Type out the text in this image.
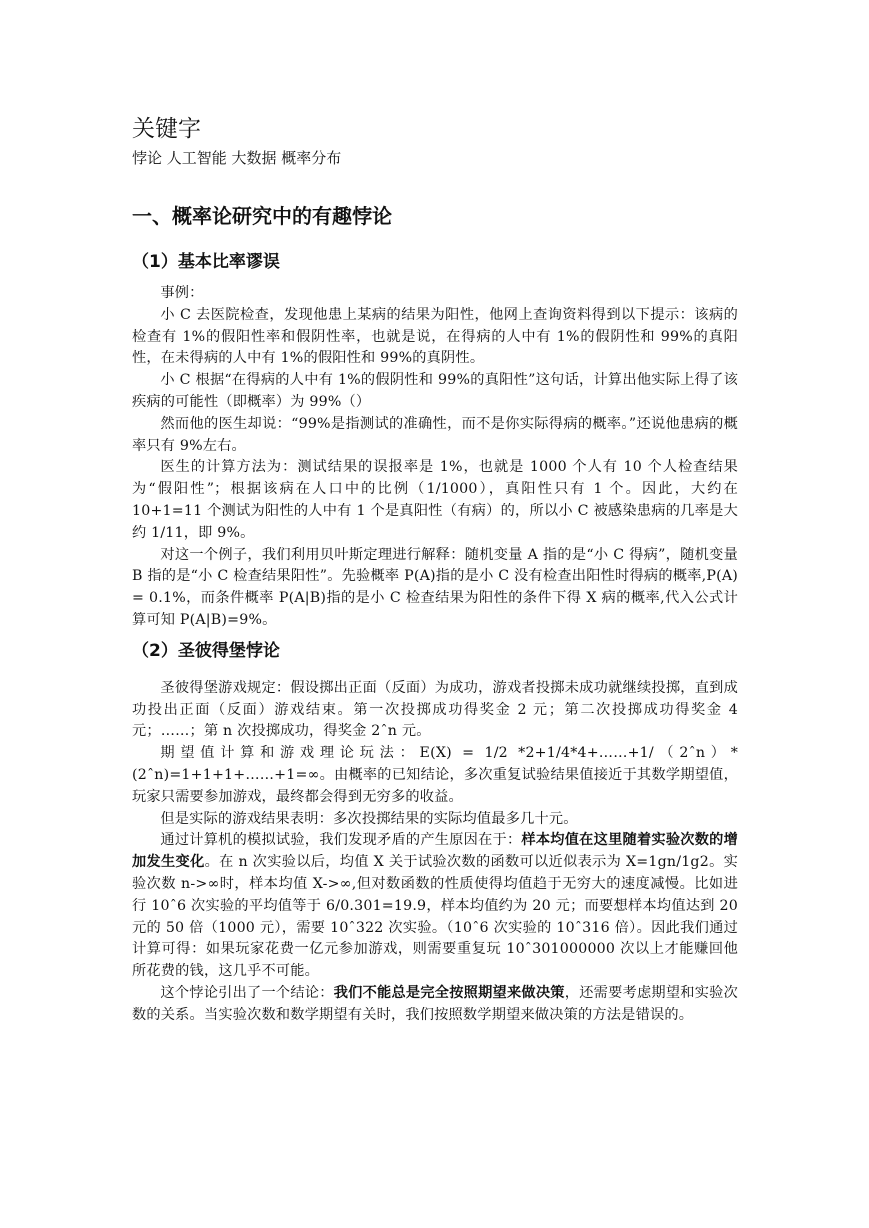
关键字

悖论 人工智能 大数据 概率分布

一、概率论研究中的有趣悖论
（1）基本比率谬误

事例：

小 C 去医院检查，发现他患上某病的结果为阳性，他网上查询资料得到以下提示：该病的检查有 1%的假阳性率和假阴性率，也就是说，在得病的人中有 1%的假阴性和 99%的真阳性，在未得病的人中有 1%的假阳性和 99%的真阴性。

小 C 根据“在得病的人中有 1%的假阴性和 99%的真阳性”这句话，计算出他实际上得了该疾病的可能性（即概率）为 99%（）

然而他的医生却说：“99%是指测试的准确性，而不是你实际得病的概率。”还说他患病的概率只有 9%左右。

医生的计算方法为：测试结果的误报率是 1%，也就是 1000 个人有 10 个人检查结果为“假阳性”；根据该病在人口中的比例（1/1000），真阳性只有 1 个。因此，大约在 10+1=11 个测试为阳性的人中有 1 个是真阳性（有病）的，所以小 C 被感染患病的几率是大约 1/11，即 9%。

对这一个例子，我们利用贝叶斯定理进行解释：随机变量 A 指的是“小 C 得病”，随机变量 B 指的是“小 C 检查结果阳性”。先验概率 P(A)指的是小 C 没有检查出阳性时得病的概率,P(A) = 0.1%，而条件概率 P(A|B)指的是小 C 检查结果为阳性的条件下得 X 病的概率,代入公式计算可知 P(A|B)=9%。

（2）圣彼得堡悖论

圣彼得堡游戏规定：假设掷出正面（反面）为成功，游戏者投掷未成功就继续投掷，直到成功投出正面（反面）游戏结束。第一次投掷成功得奖金 2 元；第二次投掷成功得奖金 4 元；……；第 n 次投掷成功，得奖金 2ˆn 元。

期望值计算和游戏理论玩法：E(X) = 1/2 *2+1/4*4+……+1/（2ˆn）*(2ˆn)=1+1+1+……+1=∞。由概率的已知结论，多次重复试验结果值接近于其数学期望值，玩家只需要参加游戏，最终都会得到无穷多的收益。

但是实际的游戏结果表明：多次投掷结果的实际均值最多几十元。

通过计算机的模拟试验，我们发现矛盾的产生原因在于：样本均值在这里随着实验次数的增加发生变化。在 n 次实验以后，均值 X 关于试验次数的函数可以近似表示为 X=1gn/1g2。实验次数 n->∞时，样本均值 X->∞,但对数函数的性质使得均值趋于无穷大的速度减慢。比如进行 10ˆ6 次实验的平均值等于 6/0.301=19.9，样本均值约为 20 元；而要想样本均值达到 20 元的 50 倍（1000 元），需要 10ˆ322 次实验。（10ˆ6 次实验的 10ˆ316 倍）。因此我们通过计算可得：如果玩家花费一亿元参加游戏，则需要重复玩 10ˆ301000000 次以上才能赚回他所花费的钱，这几乎不可能。

这个悖论引出了一个结论：我们不能总是完全按照期望来做决策，还需要考虑期望和实验次数的关系。当实验次数和数学期望有关时，我们按照数学期望来做决策的方法是错误的。
